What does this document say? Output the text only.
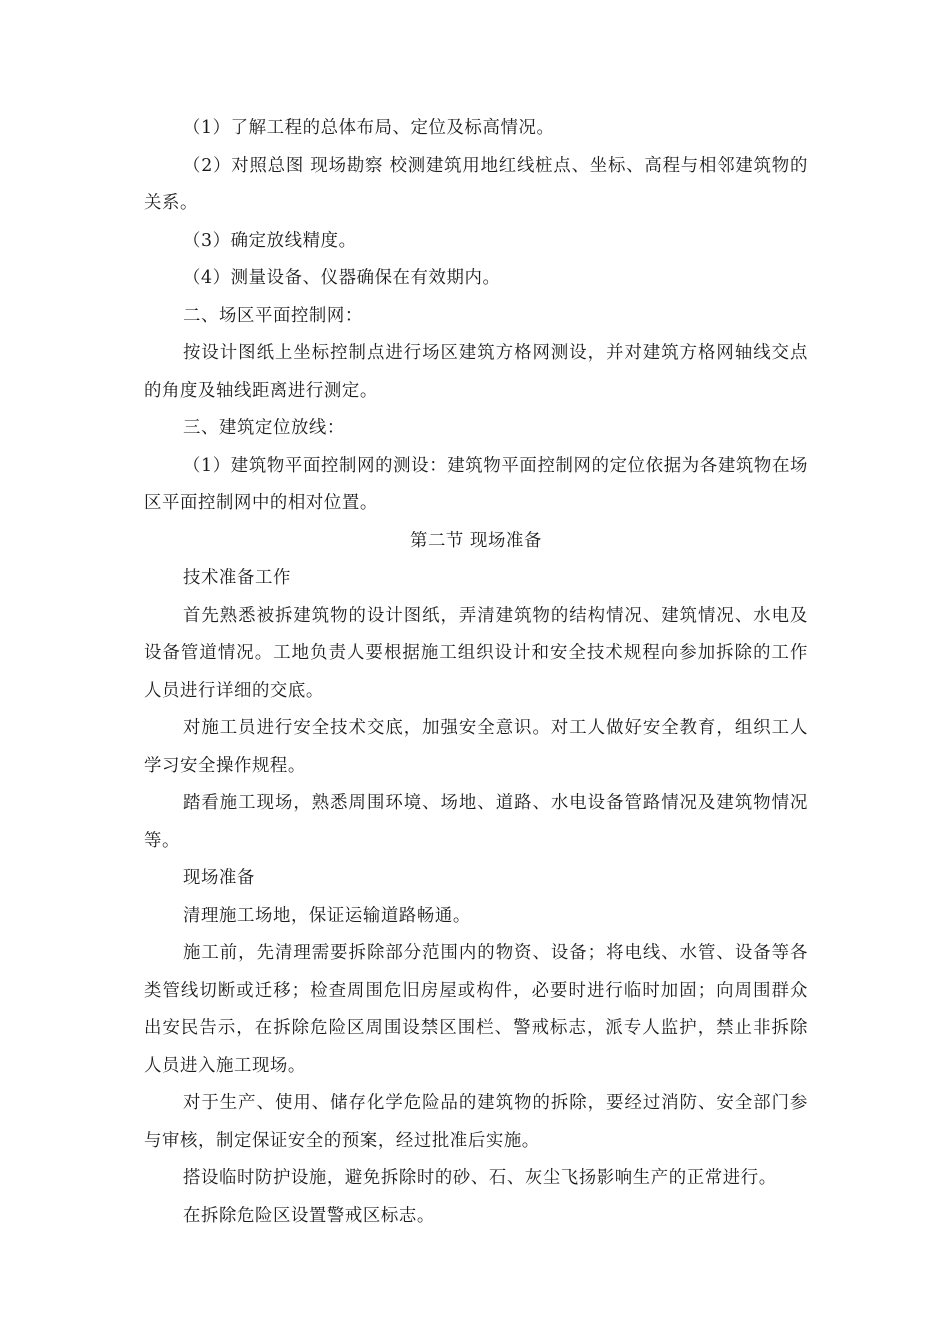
（1）了解工程的总体布局、定位及标高情况。

（2）对照总图 现场勘察 校测建筑用地红线桩点、坐标、高程与相邻建筑物的关系。

（3）确定放线精度。

（4）测量设备、仪器确保在有效期内。

二、场区平面控制网：

按设计图纸上坐标控制点进行场区建筑方格网测设，并对建筑方格网轴线交点的角度及轴线距离进行测定。

三、建筑定位放线：

（1）建筑物平面控制网的测设：建筑物平面控制网的定位依据为各建筑物在场区平面控制网中的相对位置。

第二节 现场准备

技术准备工作

首先熟悉被拆建筑物的设计图纸，弄清建筑物的结构情况、建筑情况、水电及设备管道情况。工地负责人要根据施工组织设计和安全技术规程向参加拆除的工作人员进行详细的交底。

对施工员进行安全技术交底，加强安全意识。对工人做好安全教育，组织工人学习安全操作规程。

踏看施工现场，熟悉周围环境、场地、道路、水电设备管路情况及建筑物情况等。

现场准备

清理施工场地，保证运输道路畅通。

施工前，先清理需要拆除部分范围内的物资、设备；将电线、水管、设备等各类管线切断或迁移；检查周围危旧房屋或构件，必要时进行临时加固；向周围群众出安民告示，在拆除危险区周围设禁区围栏、警戒标志，派专人监护，禁止非拆除人员进入施工现场。

对于生产、使用、储存化学危险品的建筑物的拆除，要经过消防、安全部门参与审核，制定保证安全的预案，经过批准后实施。

搭设临时防护设施，避免拆除时的砂、石、灰尘飞扬影响生产的正常进行。

在拆除危险区设置警戒区标志。
